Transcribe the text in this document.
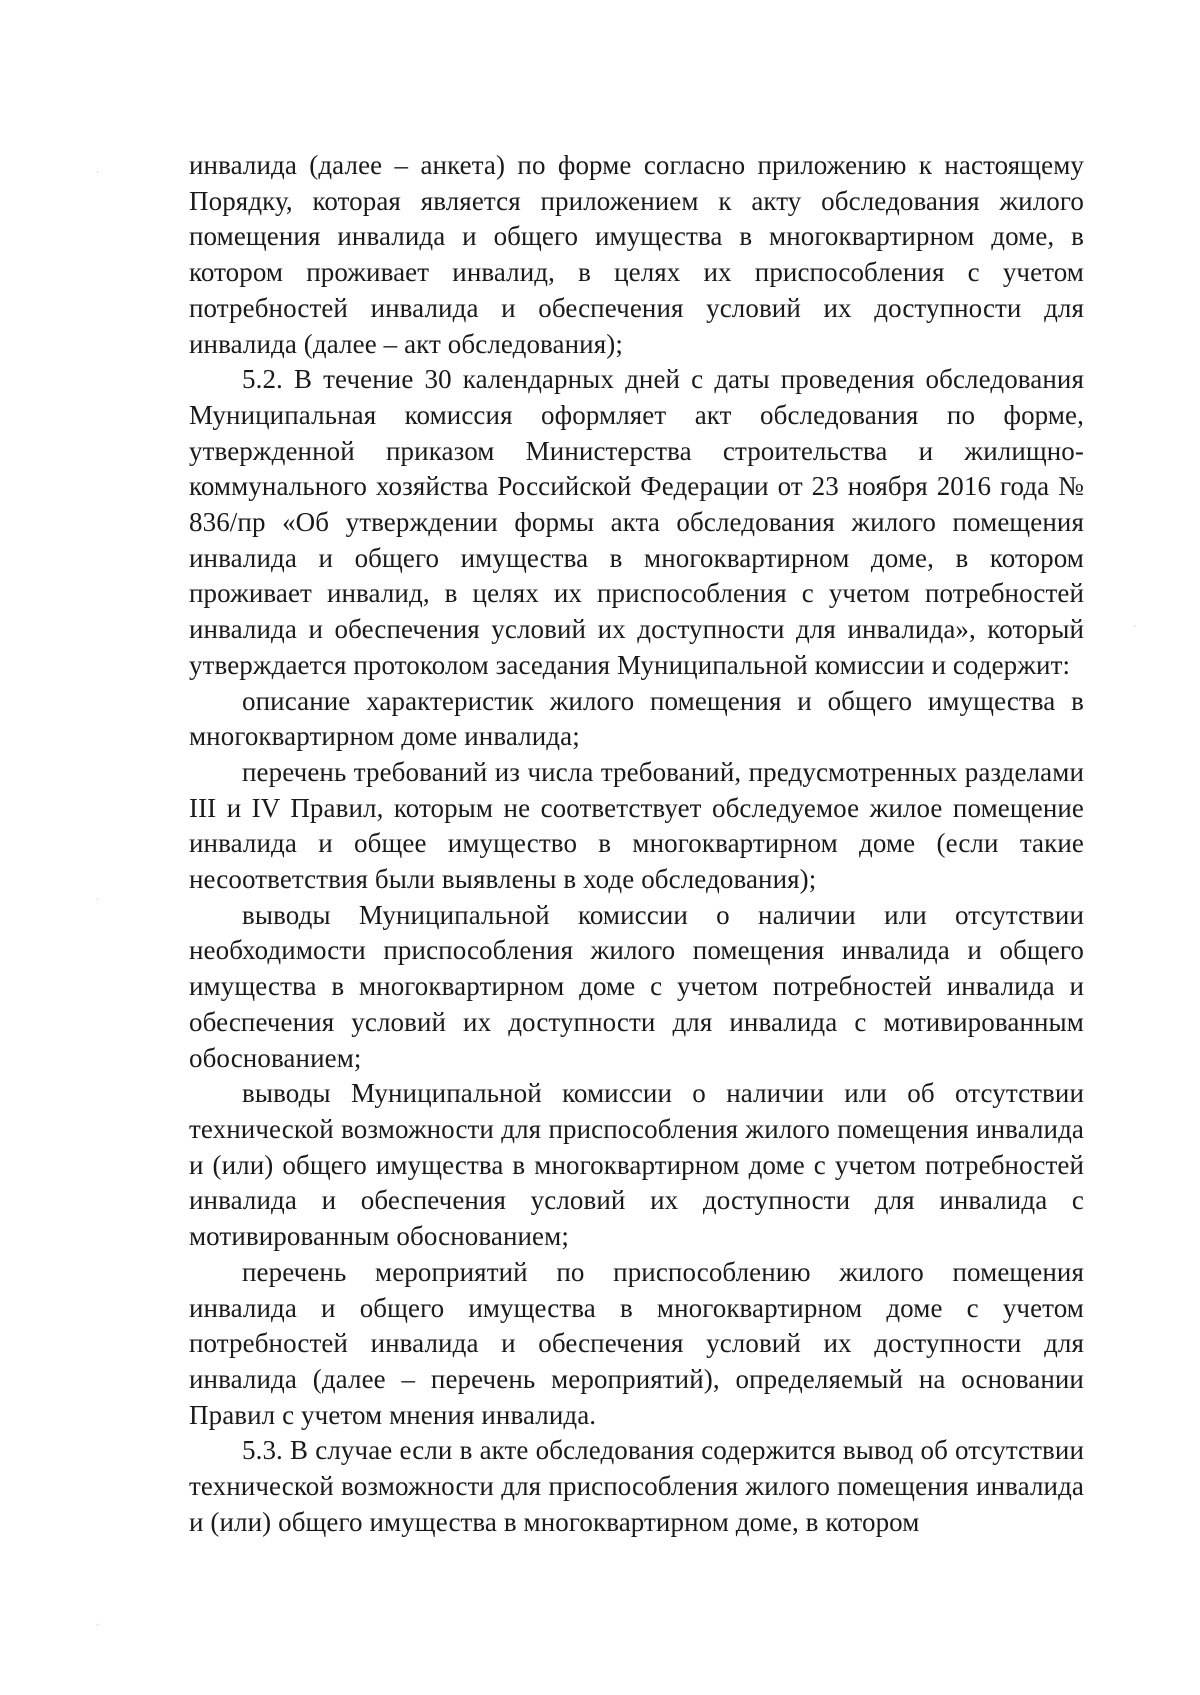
инвалида (далее – анкета) по форме согласно приложению к настоящему Порядку, которая является приложением к акту обследования жилого помещения инвалида и общего имущества в многоквартирном доме, в котором проживает инвалид, в целях их приспособления с учетом потребностей инвалида и обеспечения условий их доступности для инвалида (далее – акт обследования);

5.2. В течение 30 календарных дней с даты проведения обследования Муниципальная комиссия оформляет акт обследования по форме, утвержденной приказом Министерства строительства и жилищно-коммунального хозяйства Российской Федерации от 23 ноября 2016 года № 836/пр «Об утверждении формы акта обследования жилого помещения инвалида и общего имущества в многоквартирном доме, в котором проживает инвалид, в целях их приспособления с учетом потребностей инвалида и обеспечения условий их доступности для инвалида», который утверждается протоколом заседания Муниципальной комиссии и содержит:

описание характеристик жилого помещения и общего имущества в многоквартирном доме инвалида;

перечень требований из числа требований, предусмотренных разделами III и IV Правил, которым не соответствует обследуемое жилое помещение инвалида и общее имущество в многоквартирном доме (если такие несоответствия были выявлены в ходе обследования);

выводы Муниципальной комиссии о наличии или отсутствии необходимости приспособления жилого помещения инвалида и общего имущества в многоквартирном доме с учетом потребностей инвалида и обеспечения условий их доступности для инвалида с мотивированным обоснованием;

выводы Муниципальной комиссии о наличии или об отсутствии технической возможности для приспособления жилого помещения инвалида и (или) общего имущества в многоквартирном доме с учетом потребностей инвалида и обеспечения условий их доступности для инвалида с мотивированным обоснованием;

перечень мероприятий по приспособлению жилого помещения инвалида и общего имущества в многоквартирном доме с учетом потребностей инвалида и обеспечения условий их доступности для инвалида (далее – перечень мероприятий), определяемый на основании Правил с учетом мнения инвалида.

5.3. В случае если в акте обследования содержится вывод об отсутствии технической возможности для приспособления жилого помещения инвалида и (или) общего имущества в многоквартирном доме, в котором

·
ˊ
·
·
